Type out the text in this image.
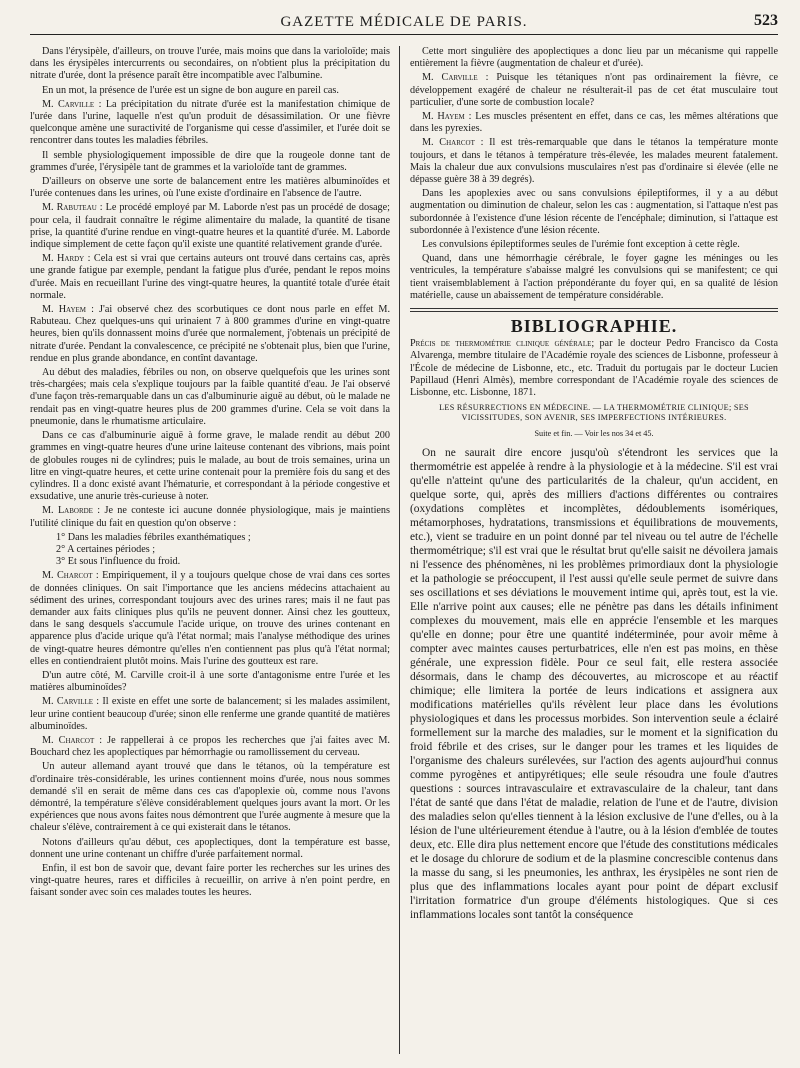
GAZETTE MÉDICALE DE PARIS.	523

Dans l'érysipèle, d'ailleurs, on trouve l'urée, mais moins que dans la varioloïde; mais dans les érysipèles intercurrents ou secondaires, on n'obtient plus la précipitation du nitrate d'urée, dont la présence paraît être incompatible avec l'albumine.

En un mot, la présence de l'urée est un signe de bon augure en pareil cas.

M. Carville : La précipitation du nitrate d'urée est la manifestation chimique de l'urée dans l'urine, laquelle n'est qu'un produit de désassimilation. Or une fièvre quelconque amène une suractivité de l'organisme qui cesse d'assimiler, et l'urée doit se rencontrer dans toutes les maladies fébriles.

Il semble physiologiquement impossible de dire que la rougeole donne tant de grammes d'urée, l'érysipèle tant de grammes et la varioloïde tant de grammes.

D'ailleurs on observe une sorte de balancement entre les matières albuminoïdes et l'urée contenues dans les urines, où l'une existe d'ordinaire en l'absence de l'autre.

M. Rabuteau : Le procédé employé par M. Laborde n'est pas un procédé de dosage; pour cela, il faudrait connaître le régime alimentaire du malade, la quantité de tisane prise, la quantité d'urine rendue en vingt-quatre heures et la quantité d'urée. M. Laborde indique simplement de cette façon qu'il existe une quantité relativement grande d'urée.

M. Hardy : Cela est si vrai que certains auteurs ont trouvé dans certains cas, après une grande fatigue par exemple, pendant la fatigue plus d'urée, pendant le repos moins d'urée. Mais en recueillant l'urine des vingt-quatre heures, la quantité totale d'urée était normale.

M. Hayem : J'ai observé chez des scorbutiques ce dont nous parle en effet M. Rabuteau. Chez quelques-uns qui urinaient 7 à 800 grammes d'urine en vingt-quatre heures, bien qu'ils donnassent moins d'urée que normalement, j'obtenais un précipité de nitrate d'urée. Pendant la convalescence, ce précipité ne s'obtenait plus, bien que l'urine, rendue en plus grande abondance, en contînt davantage.

Au début des maladies, fébriles ou non, on observe quelquefois que les urines sont très-chargées; mais cela s'explique toujours par la faible quantité d'eau. Je l'ai observé d'une façon très-remarquable dans un cas d'albuminurie aiguë au début, où le malade ne rendait pas en vingt-quatre heures plus de 200 grammes d'urine. Cela se voit dans la pneumonie, dans le rhumatisme articulaire.

Dans ce cas d'albuminurie aiguë à forme grave, le malade rendit au début 200 grammes en vingt-quatre heures d'une urine laiteuse contenant des vibrions, mais point de globules rouges ni de cylindres; puis le malade, au bout de trois semaines, urina un litre en vingt-quatre heures, et cette urine contenait pour la première fois du sang et des cylindres. Il a donc existé avant l'hématurie, et correspondant à la période congestive et exsudative, une anurie très-curieuse à noter.

M. Laborde : Je ne conteste ici aucune donnée physiologique, mais je maintiens l'utilité clinique du fait en question qu'on observe :

1° Dans les maladies fébriles exanthématiques ;
2° A certaines périodes ;
3° Et sous l'influence du froid.

M. Charcot : Empiriquement, il y a toujours quelque chose de vrai dans ces sortes de données cliniques. On sait l'importance que les anciens médecins attachaient au sédiment des urines, correspondant toujours avec des urines rares; mais il ne faut pas demander aux faits cliniques plus qu'ils ne peuvent donner. Ainsi chez les goutteux, dans le sang desquels s'accumule l'acide urique, on trouve des urines contenant en apparence plus d'acide urique qu'à l'état normal; mais l'analyse méthodique des urines de vingt-quatre heures démontre qu'elles n'en contiennent pas plus qu'à l'état normal; elles en contiendraient plutôt moins. Mais l'urine des goutteux est rare.

D'un autre côté, M. Carville croit-il à une sorte d'antagonisme entre l'urée et les matières albuminoïdes?

M. Carville : Il existe en effet une sorte de balancement; si les malades assimilent, leur urine contient beaucoup d'urée; sinon elle renferme une grande quantité de matières albuminoïdes.

M. Charcot : Je rappellerai à ce propos les recherches que j'ai faites avec M. Bouchard chez les apoplectiques par hémorrhagie ou ramollissement du cerveau.

Un auteur allemand ayant trouvé que dans le tétanos, où la température est d'ordinaire très-considérable, les urines contiennent moins d'urée, nous nous sommes demandé s'il en serait de même dans ces cas d'apoplexie où, comme nous l'avons démontré, la température s'élève considérablement quelques jours avant la mort. Or les expériences que nous avons faites nous démontrent que l'urée augmente à mesure que la chaleur s'élève, contrairement à ce qui existerait dans le tétanos.

Notons d'ailleurs qu'au début, ces apoplectiques, dont la température est basse, donnent une urine contenant un chiffre d'urée parfaitement normal.

Enfin, il est bon de savoir que, devant faire porter les recherches sur les urines des vingt-quatre heures, rares et difficiles à recueillir, on arrive à n'en point perdre, en faisant sonder avec soin ces malades toutes les heures.

Cette mort singulière des apoplectiques a donc lieu par un mécanisme qui rappelle entièrement la fièvre (augmentation de chaleur et d'urée).

M. Carville : Puisque les tétaniques n'ont pas ordinairement la fièvre, ce développement exagéré de chaleur ne résulterait-il pas de cet état musculaire tout particulier, d'une sorte de combustion locale?

M. Hayem : Les muscles présentent en effet, dans ce cas, les mêmes altérations que dans les pyrexies.

M. Charcot : Il est très-remarquable que dans le tétanos la température monte toujours, et dans le tétanos à température très-élevée, les malades meurent fatalement. Mais la chaleur due aux convulsions musculaires n'est pas d'ordinaire si élevée (elle ne dépasse guère 38 à 39 degrés).

Dans les apoplexies avec ou sans convulsions épileptiformes, il y a au début augmentation ou diminution de chaleur, selon les cas : augmentation, si l'attaque n'est pas subordonnée à l'existence d'une lésion récente de l'encéphale; diminution, si l'attaque est subordonnée à l'existence d'une lésion récente.

Les convulsions épileptiformes seules de l'urémie font exception à cette règle.

Quand, dans une hémorrhagie cérébrale, le foyer gagne les méninges ou les ventricules, la température s'abaisse malgré les convulsions qui se manifestent; ce qui tient vraisemblablement à l'action prépondérante du foyer qui, en sa qualité de lésion matérielle, cause un abaissement de température considérable.

BIBLIOGRAPHIE.

Précis de thermométrie clinique générale; par le docteur Pedro Francisco da Costa Alvarenga, membre titulaire de l'Académie royale des sciences de Lisbonne, professeur à l'École de médecine de Lisbonne, etc., etc. Traduit du portugais par le docteur Lucien Papillaud (Henri Almès), membre correspondant de l'Académie royale des sciences de Lisbonne, etc. Lisbonne, 1871.

LES RÉSURRECTIONS EN MÉDECINE. — LA THERMOMÉTRIE CLINIQUE; SES VICISSITUDES, SON AVENIR, SES IMPERFECTIONS INTÉRIEURES.
Suite et fin. — Voir les nos 34 et 45.

On ne saurait dire encore jusqu'où s'étendront les services que la thermométrie est appelée à rendre à la physiologie et à la médecine. S'il est vrai qu'elle n'atteint qu'une des particularités de la chaleur, qu'un accident, en quelque sorte, qui, après des milliers d'actions différentes ou contraires (oxydations complètes et incomplètes, dédoublements isomériques, métamorphoses, hydratations, transmissions et équilibrations de mouvements, etc.), vient se traduire en un point donné par tel niveau ou tel autre de l'échelle thermométrique; s'il est vrai que le résultat brut qu'elle saisit ne dévoilera jamais ni l'essence des phénomènes, ni les problèmes primordiaux dont la physiologie et la pathologie se préoccupent, il l'est aussi qu'elle seule permet de suivre dans ses oscillations et ses déviations le mouvement intime qui, après tout, est la vie. Elle n'arrive point aux causes; elle ne pénètre pas dans les détails infiniment complexes du mouvement, mais elle en apprécie l'ensemble et les marques qu'elle en donne; pour être une quantité indéterminée, pour avoir même à compter avec maintes causes perturbatrices, elle n'en est pas moins, en thèse générale, une expression fidèle. Pour ce seul fait, elle restera associée désormais, dans le champ des découvertes, au microscope et au réactif chimique; elle limitera la portée de leurs indications et assignera aux modifications matérielles qu'ils révèlent leur place dans les évolutions physiologiques et dans les processus morbides. Son intervention seule a éclairé formellement sur la marche des maladies, sur le moment et la signification du froid fébrile et des crises, sur le danger pour les trames et les liquides de l'organisme des chaleurs surélevées, sur l'action des agents aujourd'hui connus comme pyrogènes et antipyrétiques; elle seule résoudra une foule d'autres questions : sources intravasculaire et extravasculaire de la chaleur, tant dans l'état de santé que dans l'état de maladie, relation de l'une et de l'autre, division des maladies selon qu'elles tiennent à la lésion exclusive de l'une d'elles, ou à la lésion de l'une ultérieurement étendue à l'autre, ou à la lésion d'emblée de toutes deux, etc. Elle dira plus nettement encore que l'étude des constitutions médicales et le dosage du chlorure de sodium et de la plasmine concrescible contenus dans la masse du sang, si les pneumonies, les anthrax, les érysipèles ne sont rien de plus que des inflammations locales ayant pour point de départ exclusif l'irritation formatrice d'un groupe d'éléments histologiques. Que si ces inflammations locales sont tantôt la conséquence
